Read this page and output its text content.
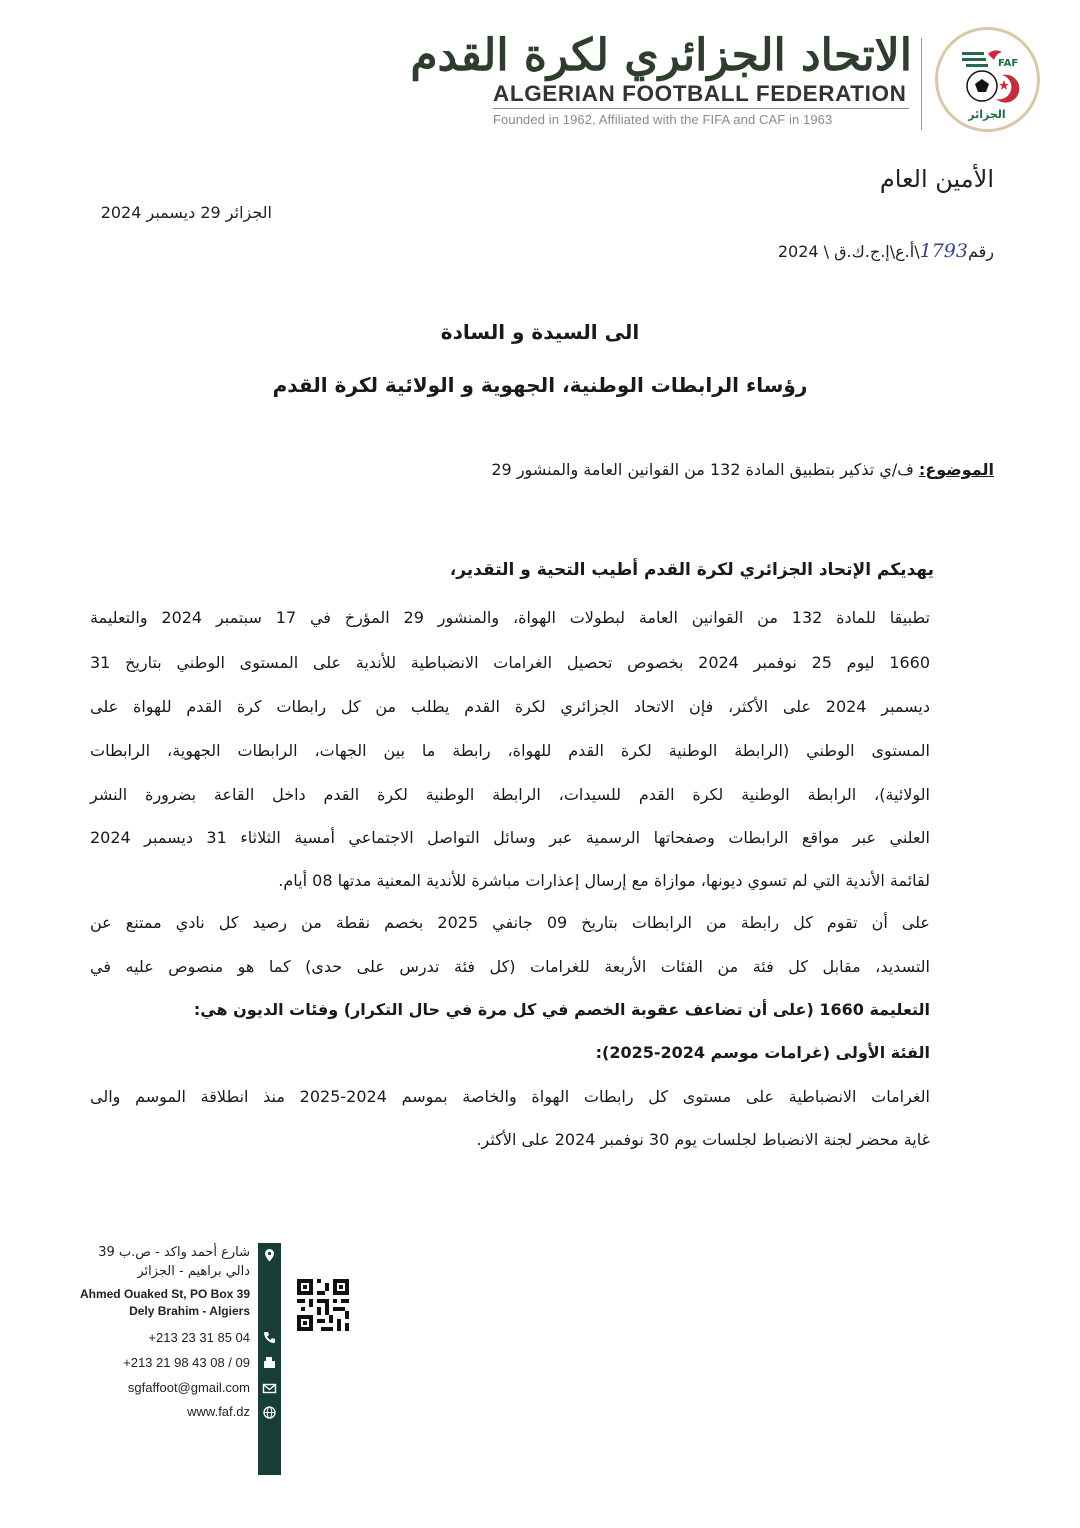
الاتحاد الجزائري لكرة القدم
ALGERIAN FOOTBALL FEDERATION
Founded in 1962, Affiliated with the FIFA and CAF in 1963
FAF
الجزائر
الأمين العام
الجزائر 29 ديسمبر 2024
رقم1793\أ.ع\إ.ج.ك.ق \ 2024
الى السيدة و السادة
رؤساء الرابطات الوطنية، الجهوية و الولائية لكرة القدم
الموضوع: ف/ي تذكير بتطبيق المادة 132 من القوانين العامة والمنشور 29
يهديكم الإتحاد الجزائري لكرة القدم أطيب التحية و التقدير،
تطبيقا للمادة 132 من القوانين العامة لبطولات الهواة، والمنشور 29 المؤرخ في 17 سبتمبر 2024 والتعليمة
1660 ليوم 25 نوفمبر 2024 بخصوص تحصيل الغرامات الانضباطية للأندية على المستوى الوطني بتاريخ 31
ديسمبر 2024 على الأكثر، فإن الاتحاد الجزائري لكرة القدم يطلب من كل رابطات كرة القدم للهواة على
المستوى الوطني (الرابطة الوطنية لكرة القدم للهواة، رابطة ما بين الجهات، الرابطات الجهوية، الرابطات
الولائية)، الرابطة الوطنية لكرة القدم للسيدات، الرابطة الوطنية لكرة القدم داخل القاعة بضرورة النشر
العلني عبر مواقع الرابطات وصفحاتها الرسمية عبر وسائل التواصل الاجتماعي أمسية الثلاثاء 31 ديسمبر 2024
لقائمة الأندية التي لم تسوي ديونها، موازاة مع إرسال إعذارات مباشرة للأندية المعنية مدتها 08 أيام.
على أن تقوم كل رابطة من الرابطات بتاريخ 09 جانفي 2025 بخصم نقطة من رصيد كل نادي ممتنع عن
التسديد، مقابل كل فئة من الفئات الأربعة للغرامات (كل فئة تدرس على حدى) كما هو منصوص عليه في
التعليمة 1660 (على أن تضاعف عقوبة الخصم في كل مرة في حال التكرار) وفئات الديون هي:
الفئة الأولى (غرامات موسم 2024-2025):
الغرامات الانضباطية على مستوى كل رابطات الهواة والخاصة بموسم 2024-2025 منذ انطلاقة الموسم والى
غاية محضر لجنة الانضباط لجلسات يوم 30 نوفمبر 2024 على الأكثر.
شارع أحمد واكد - ص.ب 39
دالي براهيم - الجزائر
Ahmed Ouaked St, PO Box 39
Dely Brahim - Algiers
+213 23 31 85 04
+213 21 98 43 08 / 09
sgfaffoot@gmail.com
www.faf.dz
